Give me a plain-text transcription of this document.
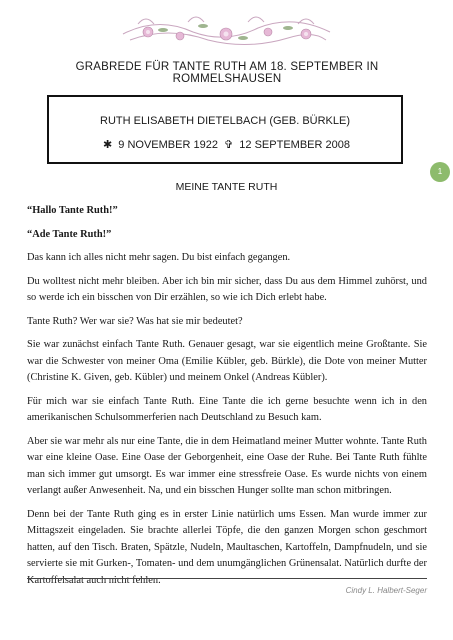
GRABREDE FÜR TANTE RUTH AM 18. SEPTEMBER IN ROMMELSHAUSEN
RUTH ELISABETH DIETELBACH (GEB. BÜRKLE)
✱ 9 NOVEMBER 1922 ✞ 12 SEPTEMBER 2008
1
MEINE TANTE RUTH

“Hallo Tante Ruth!”

“Ade Tante Ruth!”

Das kann ich alles nicht mehr sagen. Du bist einfach gegangen.

Du wolltest nicht mehr bleiben. Aber ich bin mir sicher, dass Du aus dem Himmel zuhörst, und so werde ich ein bisschen von Dir erzählen, so wie ich Dich erlebt habe.

Tante Ruth? Wer war sie? Was hat sie mir bedeutet?

Sie war zunächst einfach Tante Ruth. Genauer gesagt, war sie eigentlich meine Großtante. Sie war die Schwester von meiner Oma (Emilie Kübler, geb. Bürkle), die Dote von meiner Mutter (Christine K. Given, geb. Kübler) und meinem Onkel (Andreas Kübler).

Für mich war sie einfach Tante Ruth. Eine Tante die ich gerne besuchte wenn ich in den amerikanischen Schulsommerferien nach Deutschland zu Besuch kam.

Aber sie war mehr als nur eine Tante, die in dem Heimatland meiner Mutter wohnte. Tante Ruth war eine kleine Oase. Eine Oase der Geborgenheit, eine Oase der Ruhe. Bei Tante Ruth fühlte man sich immer gut umsorgt. Es war immer eine stressfreie Oase. Es wurde nichts von einem verlangt außer Anwesenheit. Na, und ein bisschen Hunger sollte man schon mitbringen.

Denn bei der Tante Ruth ging es in erster Linie natürlich ums Essen. Man wurde immer zur Mittagszeit eingeladen. Sie brachte allerlei Töpfe, die den ganzen Morgen schon geschmort hatten, auf den Tisch. Braten, Spätzle, Nudeln, Maultaschen, Kartoffeln, Dampfnudeln, und sie servierte sie mit Gurken-, Tomaten- und dem unumgänglichen Grünensalat. Natürlich durfte der Kartoffelsalat auch nicht fehlen.

Cindy L. Halbert-Seger
